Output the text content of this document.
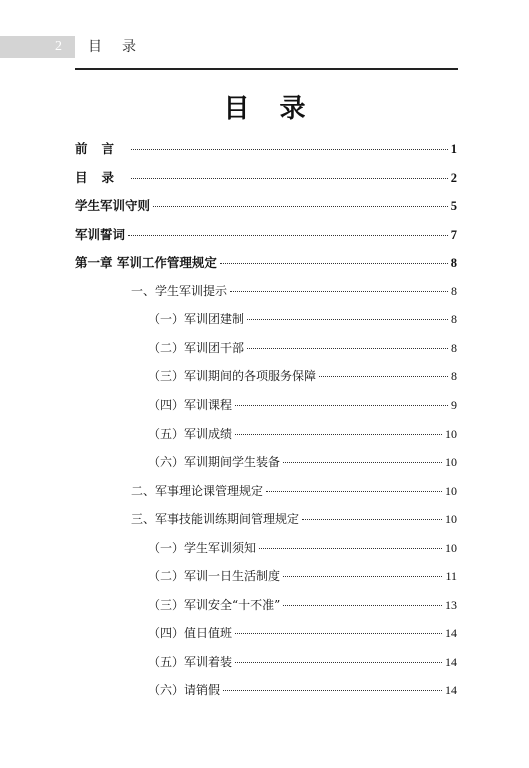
2 目录
目录
前言	1
目录	2
学生军训守则	5
军训誓词	7
第一章 军训工作管理规定	8
一、学生军训提示	8
（一）军训团建制	8
（二）军训团干部	8
（三）军训期间的各项服务保障	8
（四）军训课程	9
（五）军训成绩	10
（六）军训期间学生装备	10
二、军事理论课管理规定	10
三、军事技能训练期间管理规定	10
（一）学生军训须知	10
（二）军训一日生活制度	11
（三）军训安全“十不准”	13
（四）值日值班	14
（五）军训着装	14
（六）请销假	14
